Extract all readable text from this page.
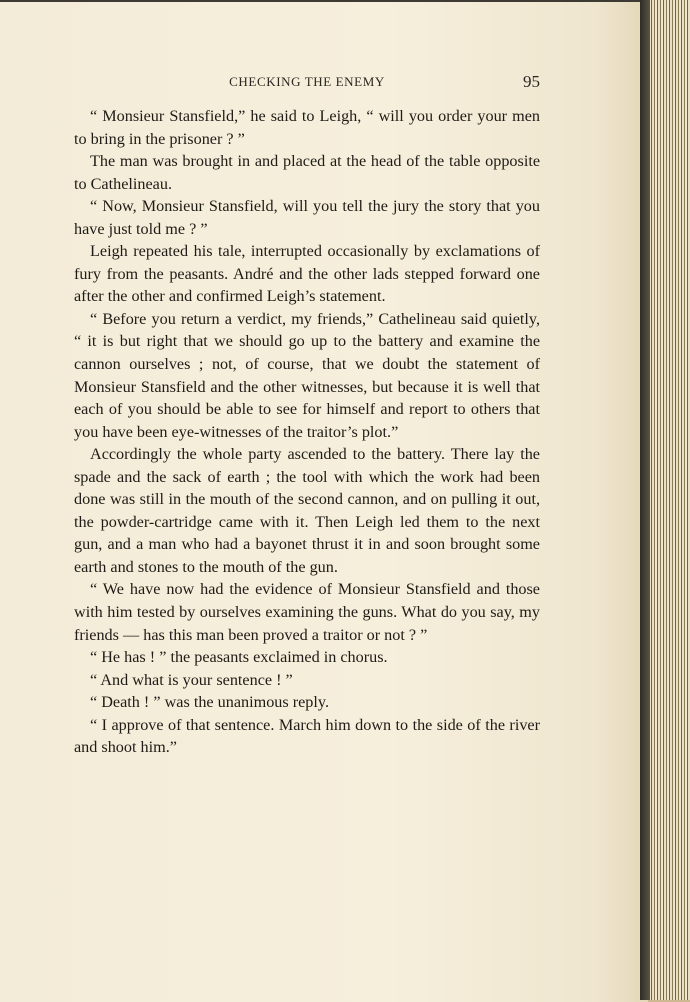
CHECKING THE ENEMY	95

“ Monsieur Stansfield,” he said to Leigh, “ will you order your men to bring in the prisoner ? ”

The man was brought in and placed at the head of the table opposite to Cathelineau.

“ Now, Monsieur Stansfield, will you tell the jury the story that you have just told me ? ”

Leigh repeated his tale, interrupted occasionally by exclamations of fury from the peasants. André and the other lads stepped forward one after the other and confirmed Leigh’s statement.

“ Before you return a verdict, my friends,” Cathelineau said quietly, “ it is but right that we should go up to the battery and examine the cannon ourselves ; not, of course, that we doubt the statement of Monsieur Stansfield and the other witnesses, but because it is well that each of you should be able to see for himself and report to others that you have been eye-witnesses of the traitor’s plot.”

Accordingly the whole party ascended to the battery. There lay the spade and the sack of earth ; the tool with which the work had been done was still in the mouth of the second cannon, and on pulling it out, the powder-cartridge came with it. Then Leigh led them to the next gun, and a man who had a bayonet thrust it in and soon brought some earth and stones to the mouth of the gun.

“ We have now had the evidence of Monsieur Stansfield and those with him tested by ourselves examining the guns. What do you say, my friends — has this man been proved a traitor or not ? ”

“ He has ! ” the peasants exclaimed in chorus.

“ And what is your sentence ! ”

“ Death ! ” was the unanimous reply.

“ I approve of that sentence. March him down to the side of the river and shoot him.”
